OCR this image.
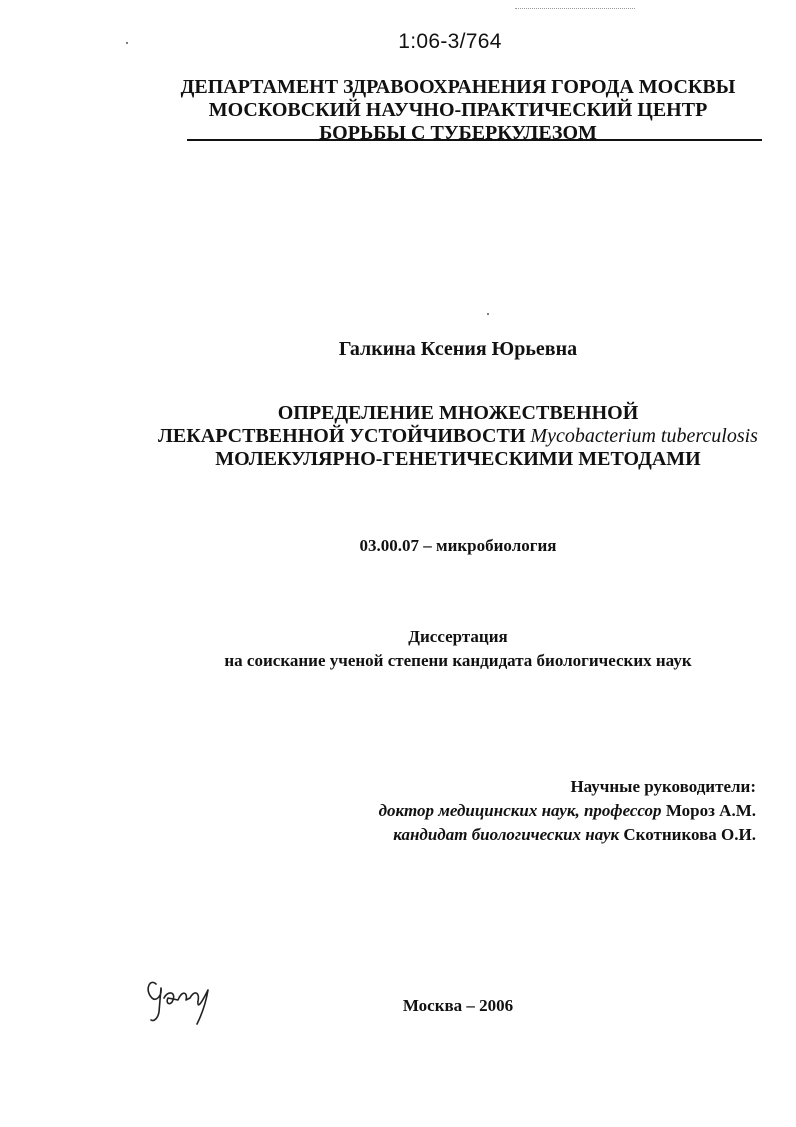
1:06-3/764
ДЕПАРТАМЕНТ ЗДРАВООХРАНЕНИЯ ГОРОДА МОСКВЫ
МОСКОВСКИЙ НАУЧНО-ПРАКТИЧЕСКИЙ ЦЕНТР
БОРЬБЫ С ТУБЕРКУЛЕЗОМ
Галкина Ксения Юрьевна
ОПРЕДЕЛЕНИЕ МНОЖЕСТВЕННОЙ
ЛЕКАРСТВЕННОЙ УСТОЙЧИВОСТИ Mycobacterium tuberculosis
МОЛЕКУЛЯРНО-ГЕНЕТИЧЕСКИМИ МЕТОДАМИ
03.00.07 – микробиология
Диссертация
на соискание ученой степени кандидата биологических наук
Научные руководители:
доктор медицинских наук, профессор Мороз А.М.
кандидат биологических наук Скотникова О.И.
Москва – 2006
